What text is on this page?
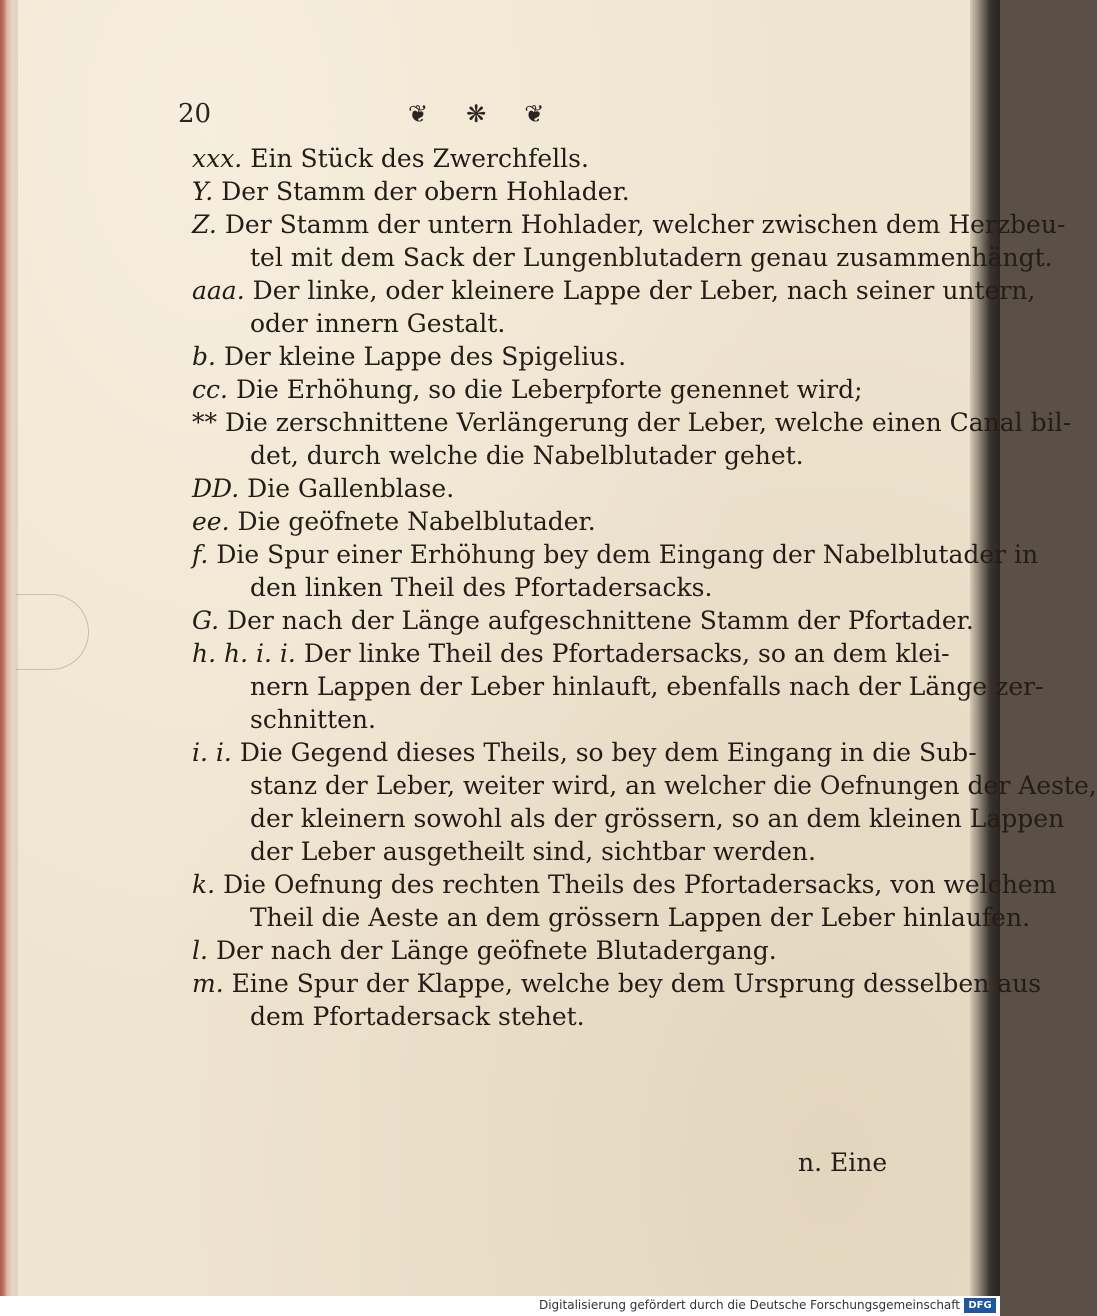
20	❦ ❋ ❦
xxx. Ein Stück des Zwerchfells.
Y. Der Stamm der obern Hohlader.
Z. Der Stamm der untern Hohlader, welcher zwischen dem Herzbeu-
tel mit dem Sack der Lungenblutadern genau zusammenhängt.
aaa. Der linke, oder kleinere Lappe der Leber, nach seiner untern,
oder innern Gestalt.
b. Der kleine Lappe des Spigelius.
cc. Die Erhöhung, so die Leberpforte genennet wird;
** Die zerschnittene Verlängerung der Leber, welche einen Canal bil-
det, durch welche die Nabelblutader gehet.
DD. Die Gallenblase.
ee. Die geöfnete Nabelblutader.
f. Die Spur einer Erhöhung bey dem Eingang der Nabelblutader in
den linken Theil des Pfortadersacks.
G. Der nach der Länge aufgeschnittene Stamm der Pfortader.
h. h. i. i. Der linke Theil des Pfortadersacks, so an dem klei-
nern Lappen der Leber hinlauft, ebenfalls nach der Länge zer-
schnitten.
i. i. Die Gegend dieses Theils, so bey dem Eingang in die Sub-
stanz der Leber, weiter wird, an welcher die Oefnungen der Aeste,
der kleinern sowohl als der grössern, so an dem kleinen Lappen
der Leber ausgetheilt sind, sichtbar werden.
k. Die Oefnung des rechten Theils des Pfortadersacks, von welchem
Theil die Aeste an dem grössern Lappen der Leber hinlaufen.
l. Der nach der Länge geöfnete Blutadergang.
m. Eine Spur der Klappe, welche bey dem Ursprung desselben aus
dem Pfortadersack stehet.
n. Eine
Digitalisierung gefördert durch die Deutsche Forschungsgemeinschaft DFG
